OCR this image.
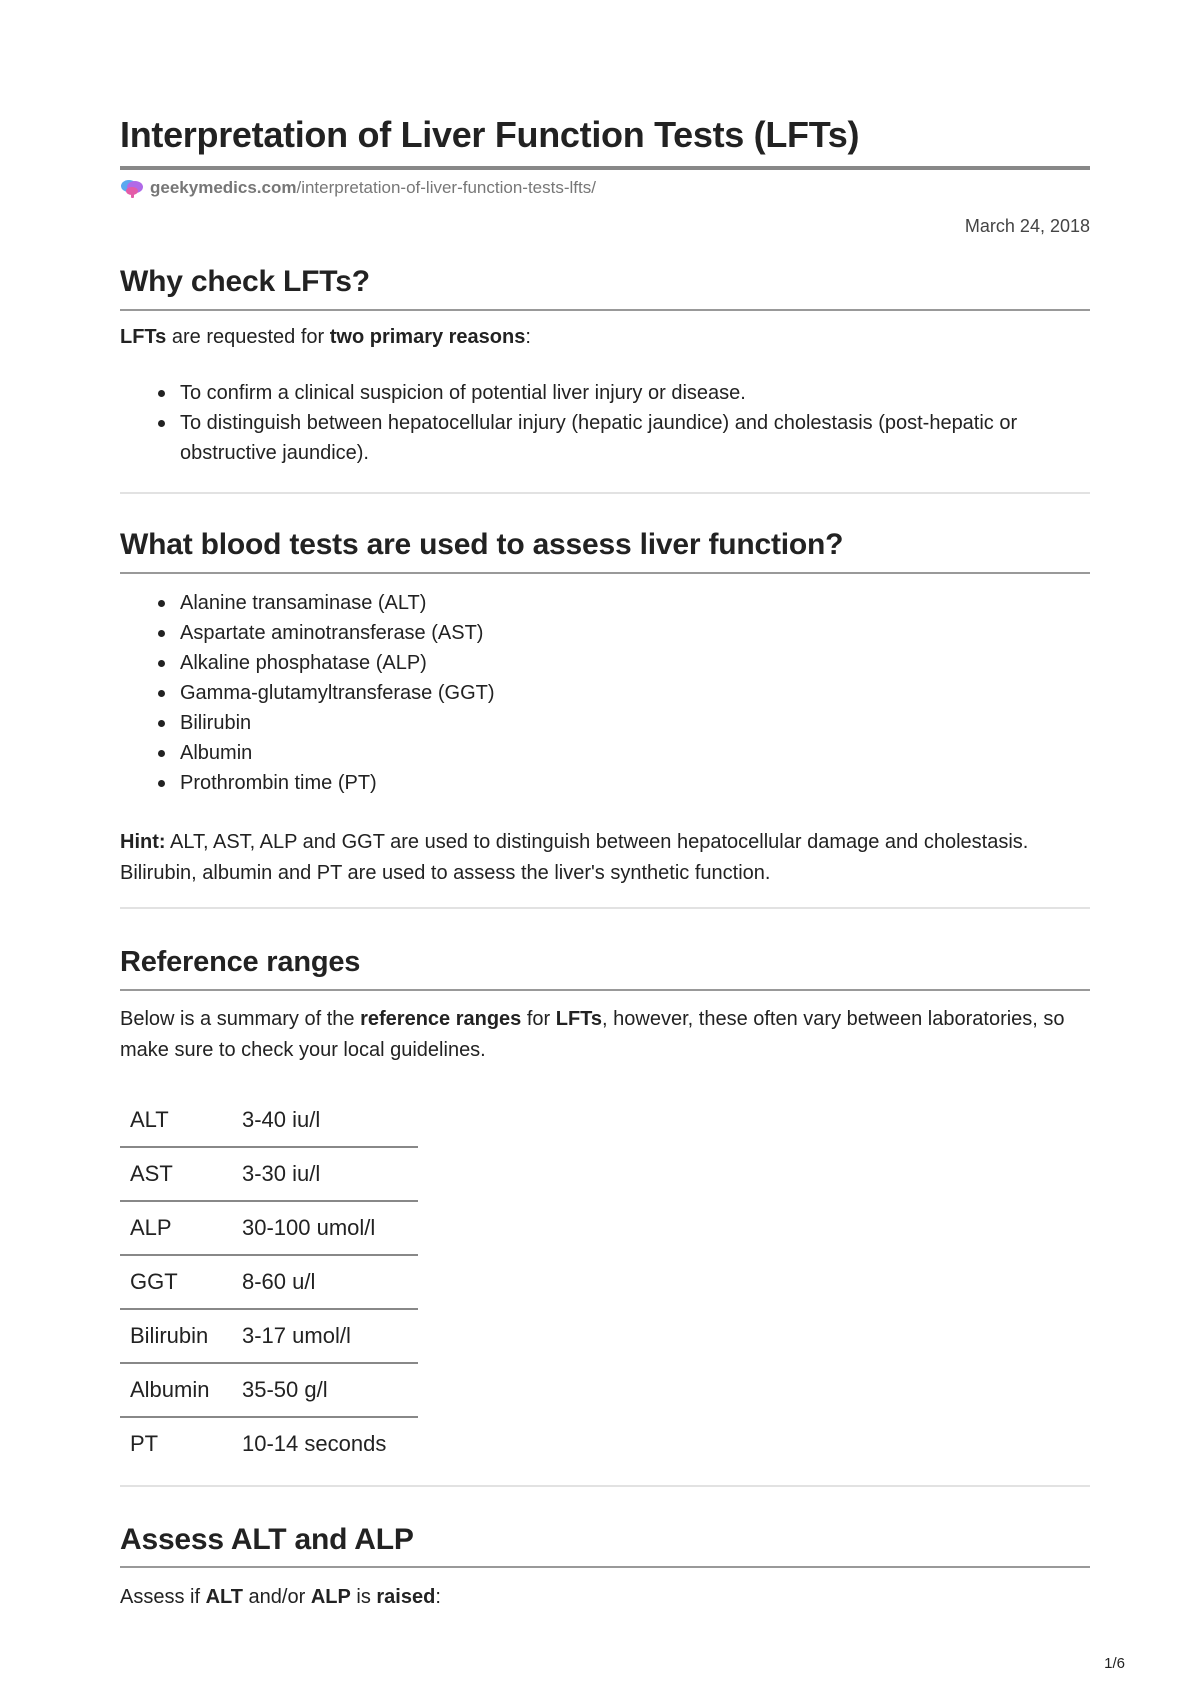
Interpretation of Liver Function Tests (LFTs)
geekymedics.com /interpretation-of-liver-function-tests-lfts/
March 24, 2018
Why check LFTs?

LFTs are requested for two primary reasons:

To confirm a clinical suspicion of potential liver injury or disease.
To distinguish between hepatocellular injury (hepatic jaundice) and cholestasis (post-hepatic or obstructive jaundice).
What blood tests are used to assess liver function?
Alanine transaminase (ALT)
Aspartate aminotransferase (AST)
Alkaline phosphatase (ALP)
Gamma-glutamyltransferase (GGT)
Bilirubin
Albumin
Prothrombin time (PT)

Hint: ALT, AST, ALP and GGT are used to distinguish between hepatocellular damage and cholestasis. Bilirubin, albumin and PT are used to assess the liver's synthetic function.

Reference ranges

Below is a summary of the reference ranges for LFTs, however, these often vary between laboratories, so make sure to check your local guidelines.

ALT	3-40 iu/l
AST	3-30 iu/l
ALP	30-100 umol/l
GGT	8-60 u/l
Bilirubin	3-17 umol/l
Albumin	35-50 g/l
PT	10-14 seconds
Assess ALT and ALP

Assess if ALT and/or ALP is raised:

1/6
